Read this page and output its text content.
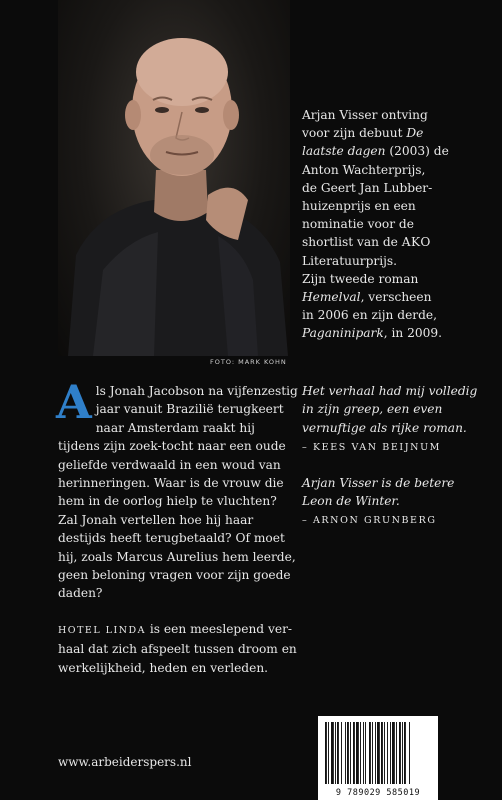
FOTO: MARK KOHN
Arjan Visser ontving
voor zijn debuut De
laatste dagen (2003) de
Anton Wachterprijs,
de Geert Jan Lubber-
huizenprijs en een
nominatie voor de
shortlist van de AKO
Literatuurprijs.
Zijn tweede roman
Hemelval, verscheen
in 2006 en zijn derde,
Paganinipark, in 2009.

Als Jonah Jacobson na vijfenzestig jaar vanuit Brazilië terugkeert naar Amsterdam raakt hij tijdens zijn zoek-tocht naar een oude geliefde verdwaald in een woud van herinneringen. Waar is de vrouw die hem in de oorlog hielp te vluchten? Zal Jonah vertellen hoe hij haar destijds heeft terugbetaald? Of moet hij, zoals Marcus Aurelius hem leerde, geen beloning vragen voor zijn goede daden?

HOTEL LINDA is een meeslepend ver-haal dat zich afspeelt tussen droom en werkelijkheid, heden en verleden.

Het verhaal had mij volledig in zijn greep, een even vernuftige als rijke roman.
– KEES VAN BEIJNUM
Arjan Visser is de betere Leon de Winter.
– ARNON GRUNBERG
www.arbeiderspers.nl
9 789029 585019
